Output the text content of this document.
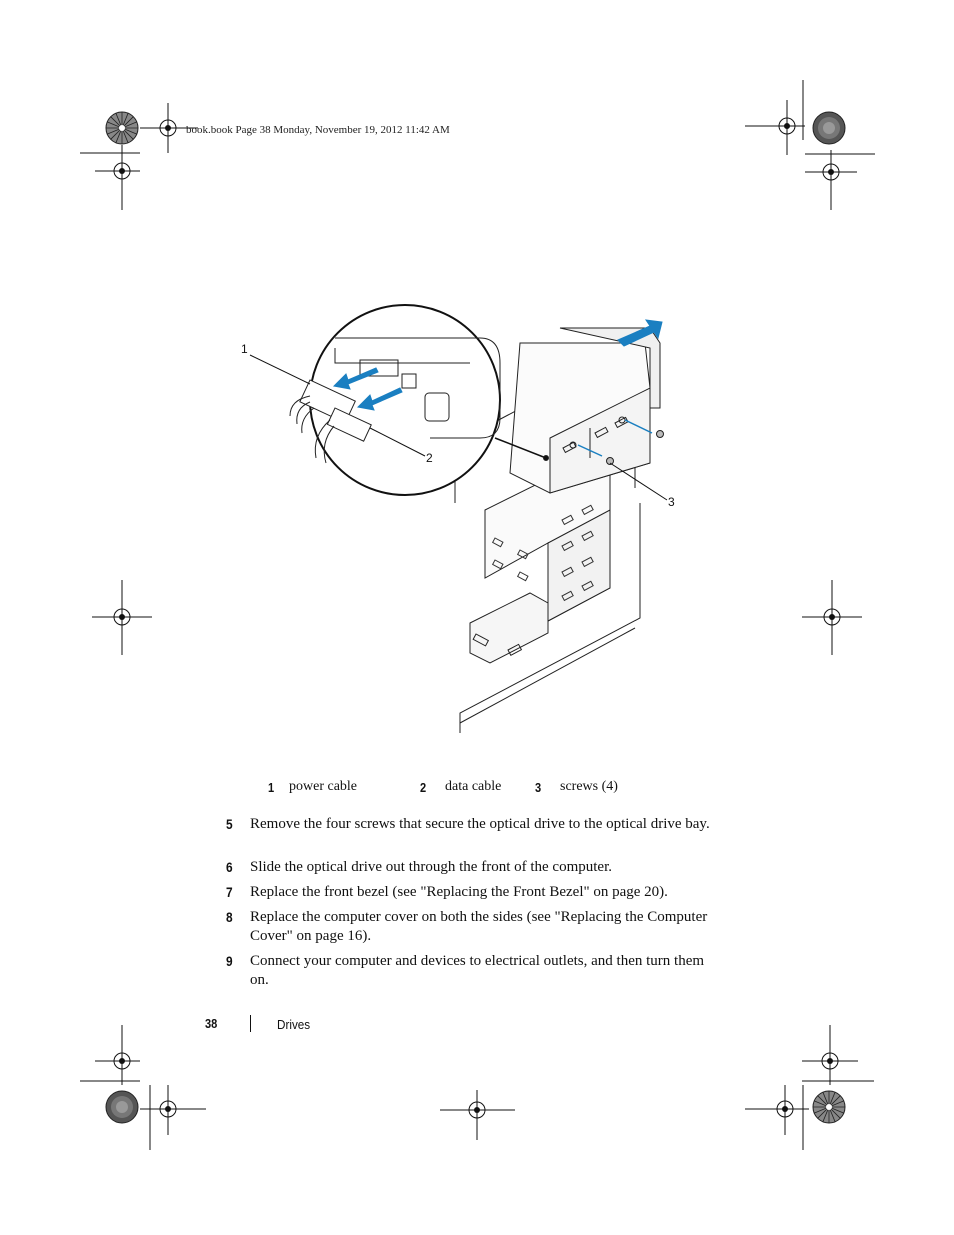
book.book Page 38 Monday, November 19, 2012 11:42 AM
1
2
3
1 power cable	2 data cable	3 screws (4)
5 Remove the four screws that secure the optical drive to the optical drive bay.
6 Slide the optical drive out through the front of the computer.
7 Replace the front bezel (see "Replacing the Front Bezel" on page 20).
8 Replace the computer cover on both the sides (see "Replacing the Computer Cover" on page 16).
9 Connect your computer and devices to electrical outlets, and then turn them on.
38	Drives
